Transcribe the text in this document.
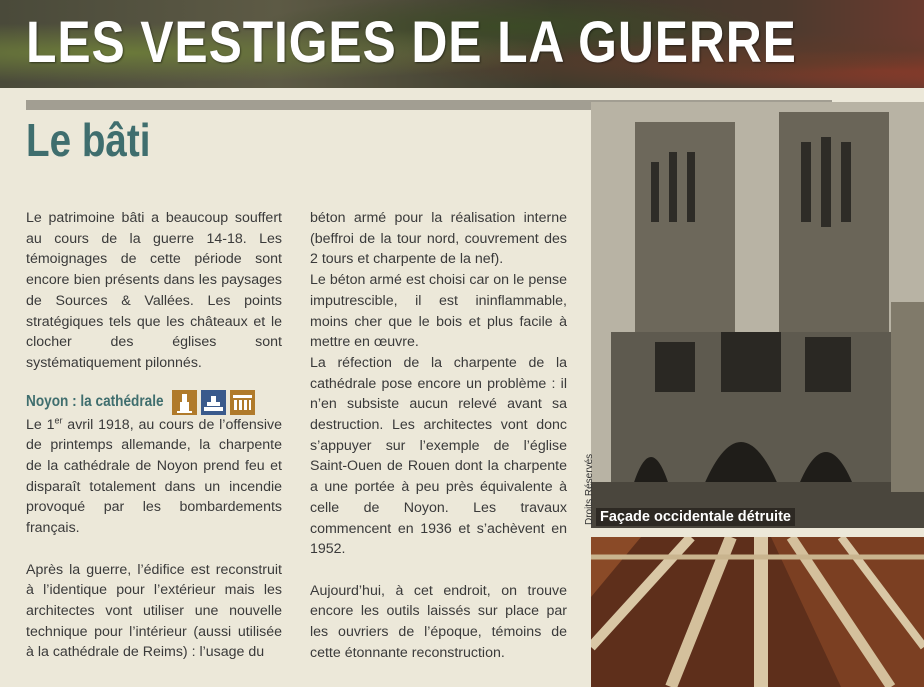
LES VESTIGES DE LA GUERRE
Le bâti

Le patrimoine bâti a beaucoup souffert au cours de la guerre 14-18. Les témoignages de cette période sont encore bien présents dans les paysages de Sources & Vallées. Les points stratégiques tels que les châteaux et le clocher des églises sont systématiquement pilonnés.

Noyon : la cathédrale

Le 1er avril 1918, au cours de l’offensive de printemps allemande, la charpente de la cathédrale de Noyon prend feu et disparaît totalement dans un incendie provoqué par les bombardements français.

Après la guerre, l’édifice est reconstruit à l’identique pour l’extérieur mais les architectes vont utiliser une nouvelle technique pour l’intérieur (aussi utilisée à la cathédrale de Reims) : l’usage du

béton armé pour la réalisation interne (beffroi de la tour nord, couvrement des 2 tours et charpente de la nef).

Le béton armé est choisi car on le pense imputrescible, il est ininflammable, moins cher que le bois et plus facile à mettre en œuvre.

La réfection de la charpente de la cathédrale pose encore un problème : il n’en subsiste aucun relevé avant sa destruction. Les architectes vont donc s’appuyer sur l’exemple de l’église Saint-Ouen de Rouen dont la charpente a une portée à peu près équivalente à celle de Noyon. Les travaux commencent en 1936 et s’achèvent en 1952.

Aujourd’hui, à cet endroit, on trouve encore les outils laissés sur place par les ouvriers de l’époque, témoins de cette étonnante reconstruction.

Droits Réservés Façade occidentale détruite
